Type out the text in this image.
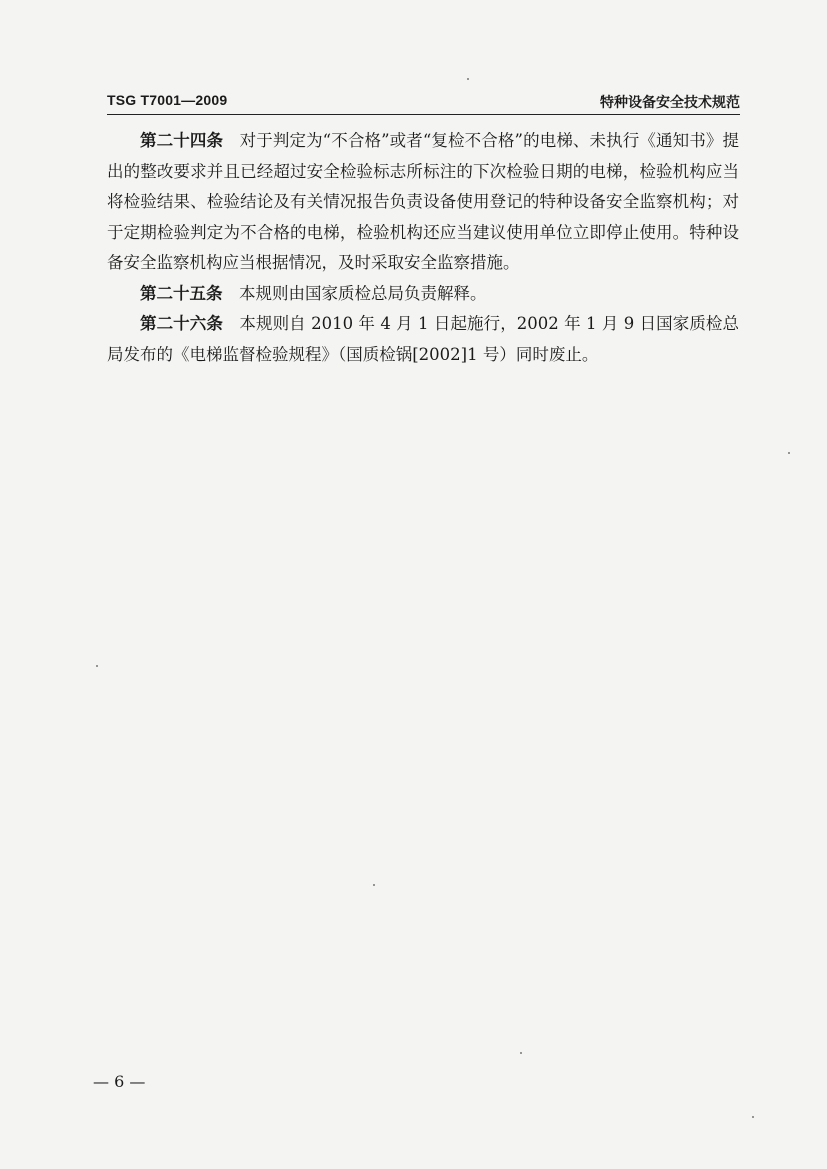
TSG T7001—2009	特种设备安全技术规范

第二十四条 对于判定为“不合格”或者“复检不合格”的电梯、未执行《通知书》提出的整改要求并且已经超过安全检验标志所标注的下次检验日期的电梯，检验机构应当将检验结果、检验结论及有关情况报告负责设备使用登记的特种设备安全监察机构；对于定期检验判定为不合格的电梯，检验机构还应当建议使用单位立即停止使用。特种设备安全监察机构应当根据情况，及时采取安全监察措施。

第二十五条 本规则由国家质检总局负责解释。

第二十六条 本规则自 2010 年 4 月 1 日起施行，2002 年 1 月 9 日国家质检总局发布的《电梯监督检验规程》（国质检锅[2002]1 号）同时废止。

— 6 —
